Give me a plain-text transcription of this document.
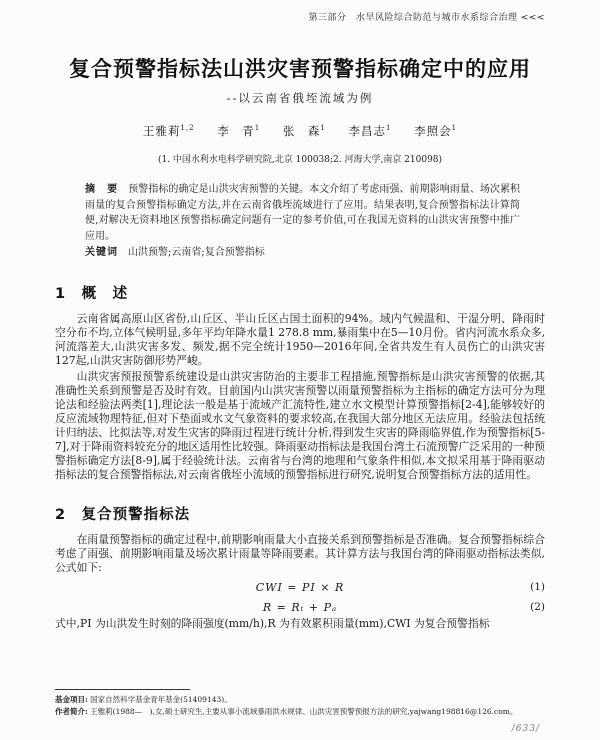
第三部分　水旱风险综合防范与城市水系综合治理 <<<
复合预警指标法山洪灾害预警指标确定中的应用
--以云南省俄垤流域为例
王雅莉$^{1,2}$ 李　青$^1$ 张　森$^1$ 李昌志$^1$ 李照会$^1$
(1. 中国水利水电科学研究院,北京 100038;2. 河海大学,南京 210098)

摘　要　 预警指标的确定是山洪灾害预警的关键。本文介绍了考虑雨强、前期影响雨量、场次累积雨量的复合预警指标确定方法,并在云南省俄垤流域进行了应用。结果表明,复合预警指标法计算简便,对解决无资料地区预警指标确定问题有一定的参考价值,可在我国无资料的山洪灾害预警中推广应用。

关键词　 山洪预警;云南省;复合预警指标

1　概　述

云南省属高原山区省份,山丘区、半山丘区占国土面积的94%。域内气候温和、干湿分明、降雨时空分布不均,立体气候明显,多年平均年降水量1 278.8 mm,暴雨集中在5—10月份。省内河流水系众多,河流落差大,山洪灾害多发、频发,据不完全统计1950—2016年间,全省共发生有人员伤亡的山洪灾害127起,山洪灾害防御形势严峻。

山洪灾害预报预警系统建设是山洪灾害防治的主要非工程措施,预警指标是山洪灾害预警的依据,其准确性关系到预警是否及时有效。目前国内山洪灾害预警以雨量预警指标为主指标的确定方法可分为理论法和经验法两类[1],理论法一般是基于流域产汇流特性,建立水文模型计算预警指标[2-4],能够较好的反应流域物理特征,但对下垫面或水文气象资料的要求较高,在我国大部分地区无法应用。经验法包括统计归纳法、比拟法等,对发生灾害的降雨过程进行统计分析,得到发生灾害的降雨临界值,作为预警指标[5-7],对于降雨资料较充分的地区适用性比较强。降雨驱动指标法是我国台湾土石流预警广泛采用的一种预警指标确定方法[8-9],属于经验统计法。云南省与台湾的地理和气象条件相似,本文拟采用基于降雨驱动指标法的复合预警指标法,对云南省俄垤小流域的预警指标进行研究,说明复合预警指标方法的适用性。

2　复合预警指标法

在雨量预警指标的确定过程中,前期影响雨量大小直接关系到预警指标是否准确。复合预警指标综合考虑了雨强、前期影响雨量及场次累计雨量等降雨要素。其计算方法与我国台湾的降雨驱动指标法类似,公式如下:

CWI = PI × R	(1)
R = Rₜ + Pₐ	(2)

式中,PI 为山洪发生时刻的降雨强度(mm/h),R 为有效累积雨量(mm),CWI 为复合预警指标

基金项目: 国家自然科学基金青年基金(51409143)。

作者简介: 王雅莉(1988—　),女,硕士研究生,主要从事小流域暴雨洪水规律、山洪灾害预警预报方法的研究,yajwang198816@126.com。

/633/
